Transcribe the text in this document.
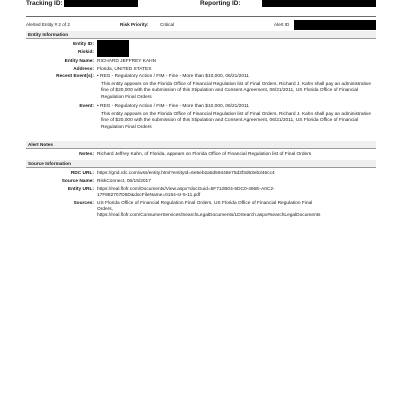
Tracking ID:	Reporting ID:
Alerted Entity # 2 of 2	Risk Priority: Critical	Alert ID
Entity Information
Entity ID:
Riskid:
Entity Name: RICHARD JEFFREY KAHN
Address: Florida, UNITED STATES
Recent Event(s): • REG - Regulatory Action / FIM - Fine - More than $10,000, 06/21/2011
This entity appears on the Florida Office of Financial Regulation list of Final Orders. Richard J. Kahn shall pay an administrative fine of $20,000 with the submission of this Stipulation and Consent Agreement, 06/21/2011, US Florida Office of Financial Regulation Final Orders
Event: • REG - Regulatory Action / FIM - Fine - More than $10,000, 06/21/2011
This entity appears on the Florida Office of Financial Regulation list of Final Orders. Richard J. Kahn shall pay an administrative fine of $20,000 with the submission of this Stipulation and Consent Agreement, 06/21/2011, US Florida Office of Financial Regulation Final Orders
Alert Notes
Notes: Richard Jeffrey Kahn, of Florida, appears on Florida Office of Financial Regulation list of Final Orders.
Source Information
RDC URL: https://grid.rdc.com/wss/entity.html?entityId=6e5eb2a5d59448e75d3f3d53eb346cc4
Source Name: RiskConnect, 06/15/2017
Entity URL: https://real.flofr.com/Documents/View.aspx?docGuid=5F712B04-5DC0-466E-A0C2-
17F882707D5D&docFileName=0154-sr-5-11.pdf
Sources: US Florida Office of Financial Regulation Final Orders, US Florida Office of Financial Regulation Final
Orders,
https://real.flofr.com/ConsumerServices/SearchLegalDocuments/LDSearch.aspx#searchLegalDocuments
